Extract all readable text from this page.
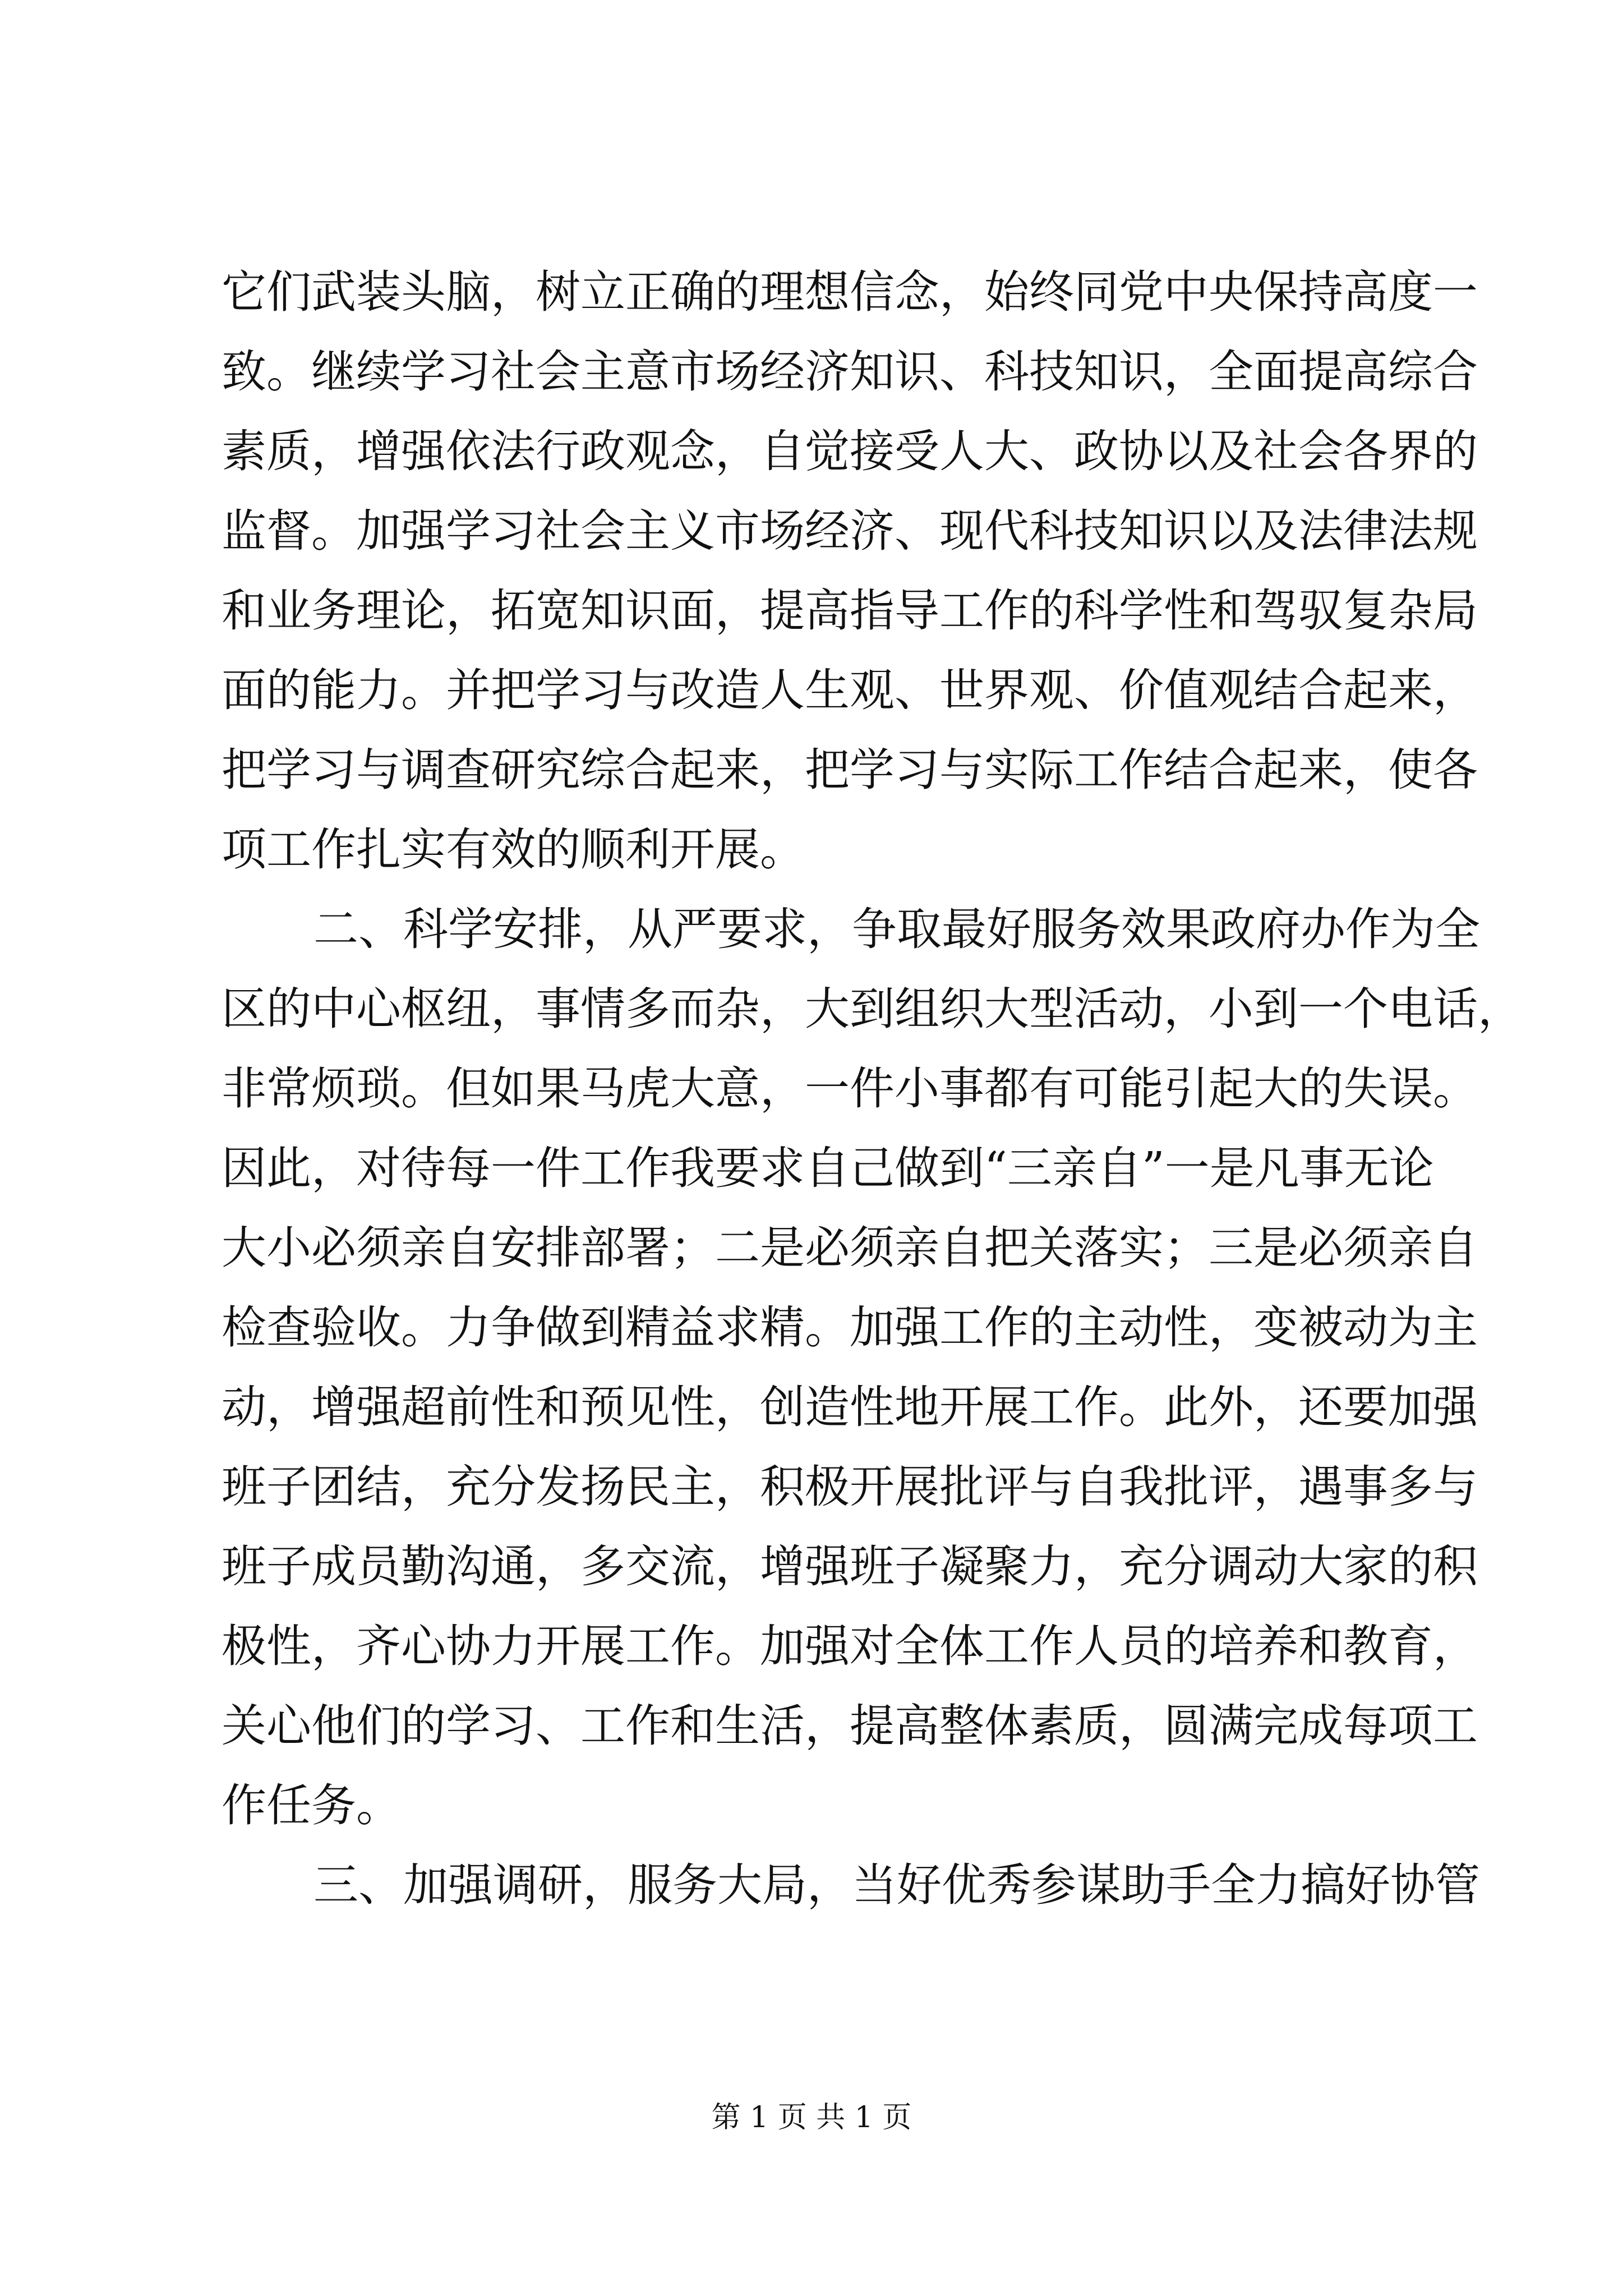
它们武装头脑，树立正确的理想信念，始终同党中央保持高度一
致。继续学习社会主意市场经济知识、科技知识，全面提高综合
素质，增强依法行政观念，自觉接受人大、政协以及社会各界的
监督。加强学习社会主义市场经济、现代科技知识以及法律法规
和业务理论，拓宽知识面，提高指导工作的科学性和驾驭复杂局
面的能力。并把学习与改造人生观、世界观、价值观结合起来，
把学习与调查研究综合起来，把学习与实际工作结合起来，使各
项工作扎实有效的顺利开展。
二、科学安排，从严要求，争取最好服务效果政府办作为全
区的中心枢纽，事情多而杂，大到组织大型活动，小到一个电话，
非常烦琐。但如果马虎大意，一件小事都有可能引起大的失误。
因此，对待每一件工作我要求自己做到“三亲自”一是凡事无论
大小必须亲自安排部署；二是必须亲自把关落实；三是必须亲自
检查验收。力争做到精益求精。加强工作的主动性，变被动为主
动，增强超前性和预见性，创造性地开展工作。此外，还要加强
班子团结，充分发扬民主，积极开展批评与自我批评，遇事多与
班子成员勤沟通，多交流，增强班子凝聚力，充分调动大家的积
极性，齐心协力开展工作。加强对全体工作人员的培养和教育，
关心他们的学习、工作和生活，提高整体素质，圆满完成每项工
作任务。
三、加强调研，服务大局，当好优秀参谋助手全力搞好协管
第 1 页 共 1 页
